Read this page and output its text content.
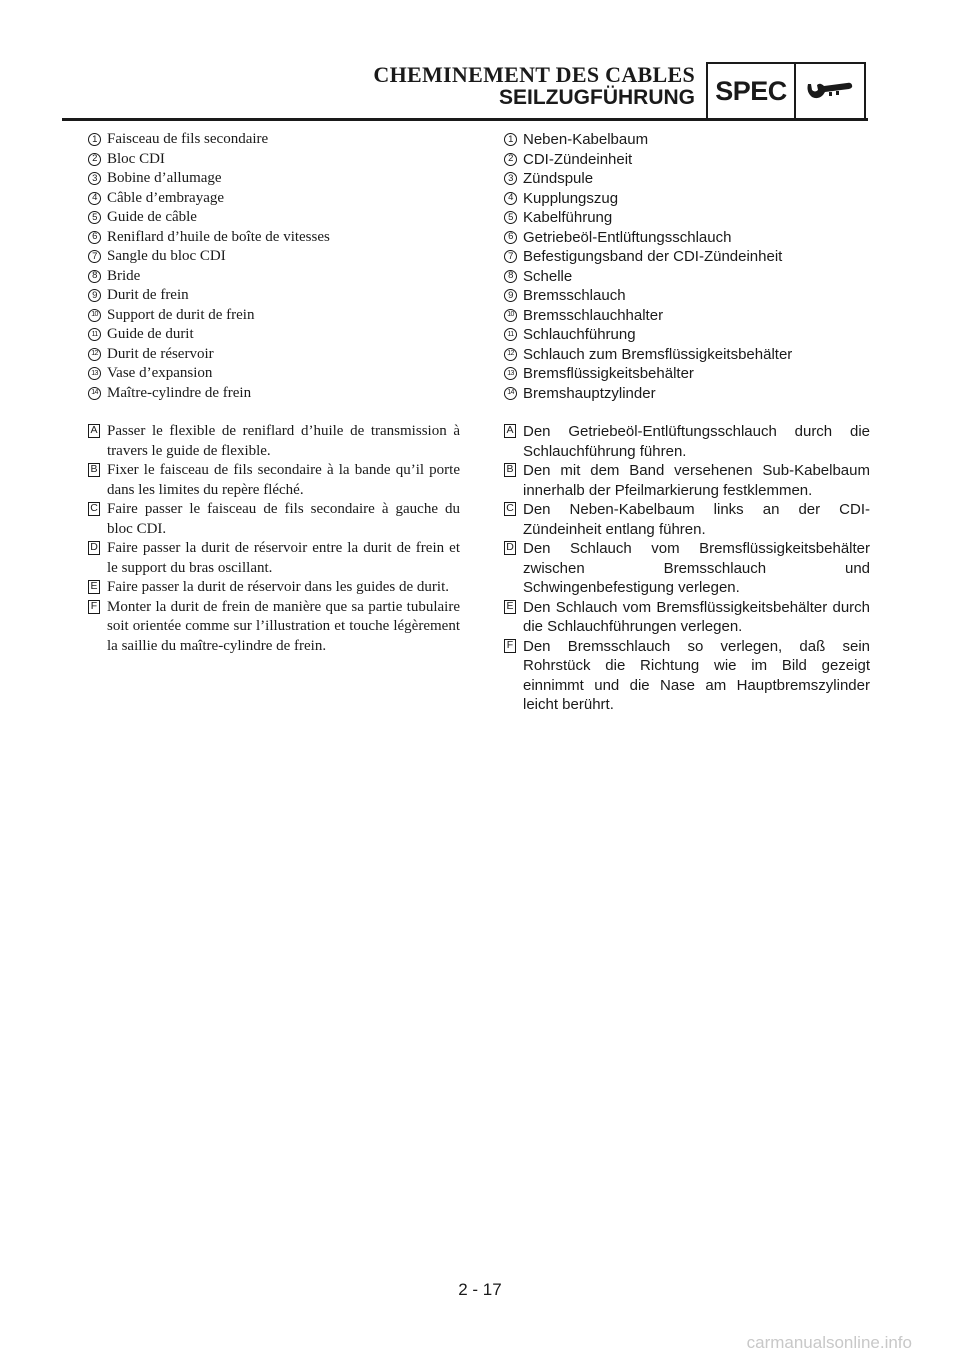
CHEMINEMENT DES CABLES
SEILZUGFÜHRUNG SPEC
1 Faisceau de fils secondaire
2 Bloc CDI
3 Bobine d’allumage
4 Câble d’embrayage
5 Guide de câble
6 Reniflard d’huile de boîte de vitesses
7 Sangle du bloc CDI
8 Bride
9 Durit de frein
10 Support de durit de frein
11 Guide de durit
12 Durit de réservoir
13 Vase d’expansion
14 Maître-cylindre de frein
A Passer le flexible de reniflard d’huile de transmission à travers le guide de flexible.
B Fixer le faisceau de fils secondaire à la bande qu’il porte dans les limites du repère fléché.
C Faire passer le faisceau de fils secondaire à gauche du bloc CDI.
D Faire passer la durit de réservoir entre la durit de frein et le support du bras oscillant.
E Faire passer la durit de réservoir dans les guides de durit.
F Monter la durit de frein de manière que sa partie tubulaire soit orientée comme sur l’illustration et touche légèrement la saillie du maître-cylindre de frein.
1 Neben-Kabelbaum
2 CDI-Zündeinheit
3 Zündspule
4 Kupplungszug
5 Kabelführung
6 Getriebeöl-Entlüftungsschlauch
7 Befestigungsband der CDI-Zündeinheit
8 Schelle
9 Bremsschlauch
10 Bremsschlauchhalter
11 Schlauchführung
12 Schlauch zum Bremsflüssigkeitsbehälter
13 Bremsflüssigkeitsbehälter
14 Bremshauptzylinder
A Den Getriebeöl-Entlüftungsschlauch durch die Schlauchführung führen.
B Den mit dem Band versehenen Sub-Kabelbaum innerhalb der Pfeilmarkierung festklemmen.
C Den Neben-Kabelbaum links an der CDI-Zündeinheit entlang führen.
D Den Schlauch vom Bremsflüssigkeitsbehälter zwischen Bremsschlauch und Schwingenbefestigung verlegen.
E Den Schlauch vom Bremsflüssigkeitsbehälter durch die Schlauchführungen verlegen.
F Den Bremsschlauch so verlegen, daß sein Rohrstück die Richtung wie im Bild gezeigt einnimmt und die Nase am Hauptbremszylinder leicht berührt.
2 - 17
carmanualsonline.info
